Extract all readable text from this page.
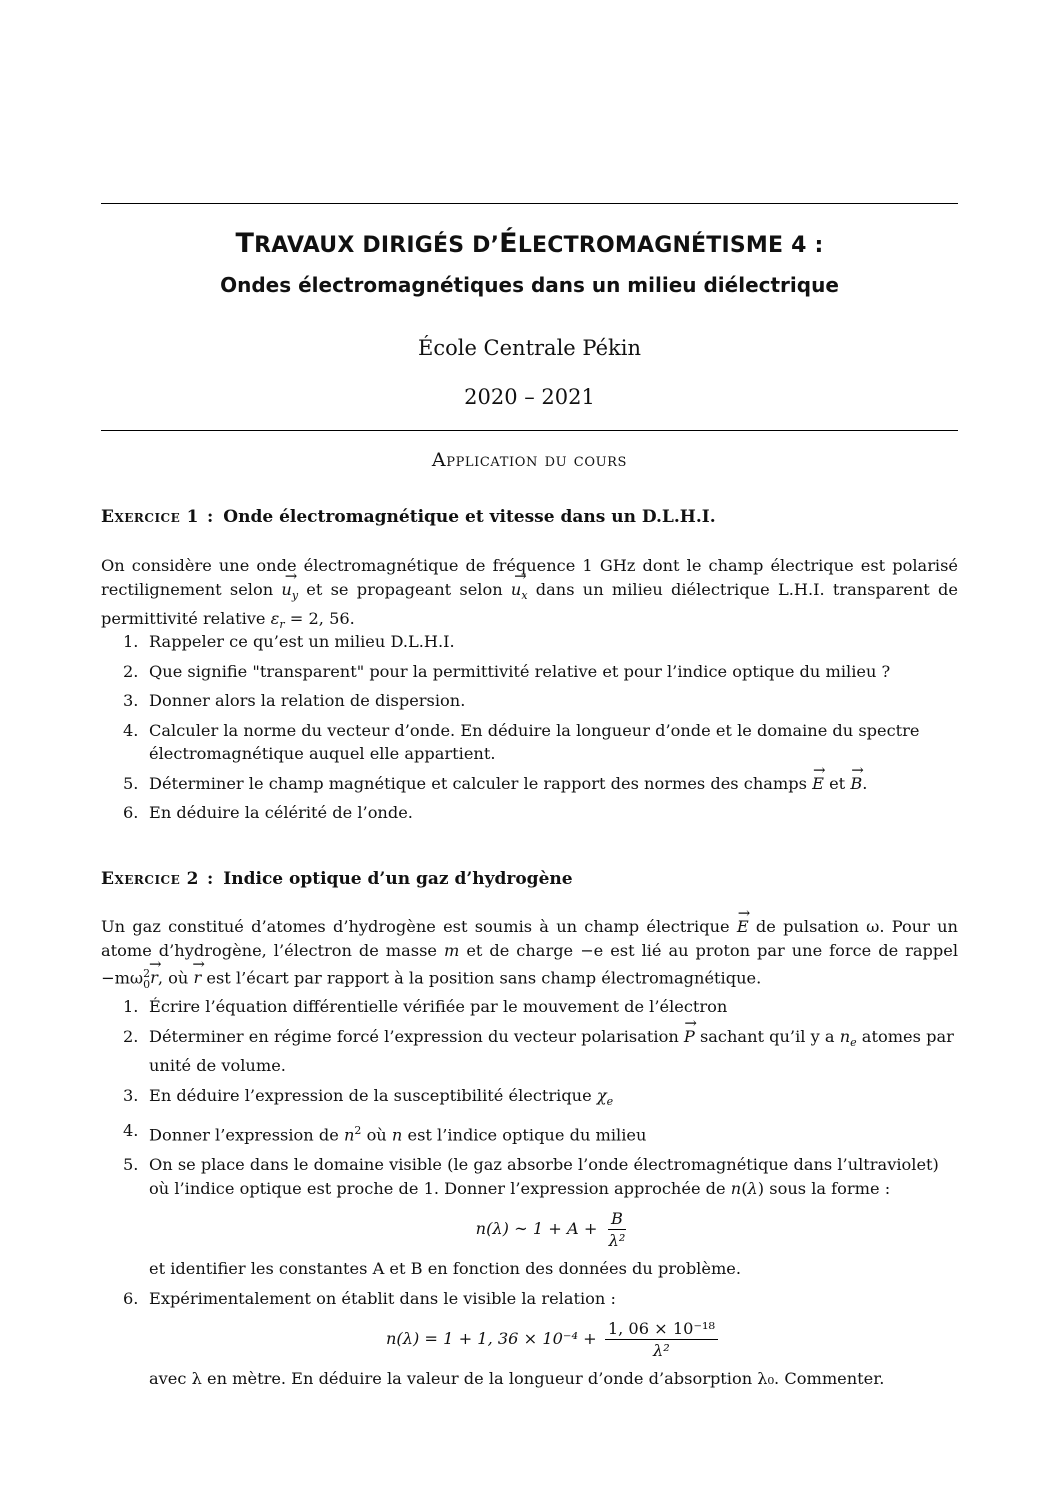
TRAVAUX DIRIGÉS D’ÉLECTROMAGNÉTISME 4 :
Ondes électromagnétiques dans un milieu diélectrique
École Centrale Pékin
2020 – 2021
Application du cours
Exercice 1 : Onde électromagnétique et vitesse dans un D.L.H.I.
On considère une onde électromagnétique de fréquence 1 GHz dont le champ électrique est polarisé rectilignement selon $u_y$ → et se propageant selon $u_x$ → dans un milieu diélectrique L.H.I. transparent de permittivité relative $\varepsilon_r = 2$, 56.
1. Rappeler ce qu’est un milieu D.L.H.I.
2. Que signifie "transparent" pour la permittivité relative et pour l’indice optique du milieu ?
3. Donner alors la relation de dispersion.
4. Calculer la norme du vecteur d’onde. En déduire la longueur d’onde et le domaine du spectre électromagnétique auquel elle appartient.
5. Déterminer le champ magnétique et calculer le rapport des normes des champs E → et B →.
6. En déduire la célérité de l’onde.
Exercice 2 : Indice optique d’un gaz d’hydrogène
Un gaz constitué d’atomes d’hydrogène est soumis à un champ électrique E → de pulsation ω. Pour un atome d’hydrogène, l’électron de masse m et de charge −e est lié au proton par une force de rappel $-m\omega^2_0r$ →, où r → est l’écart par rapport à la position sans champ électromagnétique.
1. Écrire l’équation différentielle vérifiée par le mouvement de l’électron
2. Déterminer en régime forcé l’expression du vecteur polarisation P → sachant qu’il y a $n_e$ atomes par unité de volume.
3. En déduire l’expression de la susceptibilité électrique $\chi_e$
4. Donner l’expression de $n^2$ où n est l’indice optique du milieu
5. On se place dans le domaine visible (le gaz absorbe l’onde électromagnétique dans l’ultraviolet) où l’indice optique est proche de 1. Donner l’expression approchée de n(λ) sous la forme :
n(λ) ∼ $1 + A + \frac{B}{\text{λ²}}$
et identifier les constantes A et B en fonction des données du problème.
6. Expérimentalement on établit dans le visible la relation :
n(λ) = 1 + 1, $36 \times 10^{-4} + \frac{\text{1, 06 × 10⁻¹⁸}}{\text{λ²}}$
avec λ en mètre. En déduire la valeur de la longueur d’onde d’absorption λ₀. Commenter.
